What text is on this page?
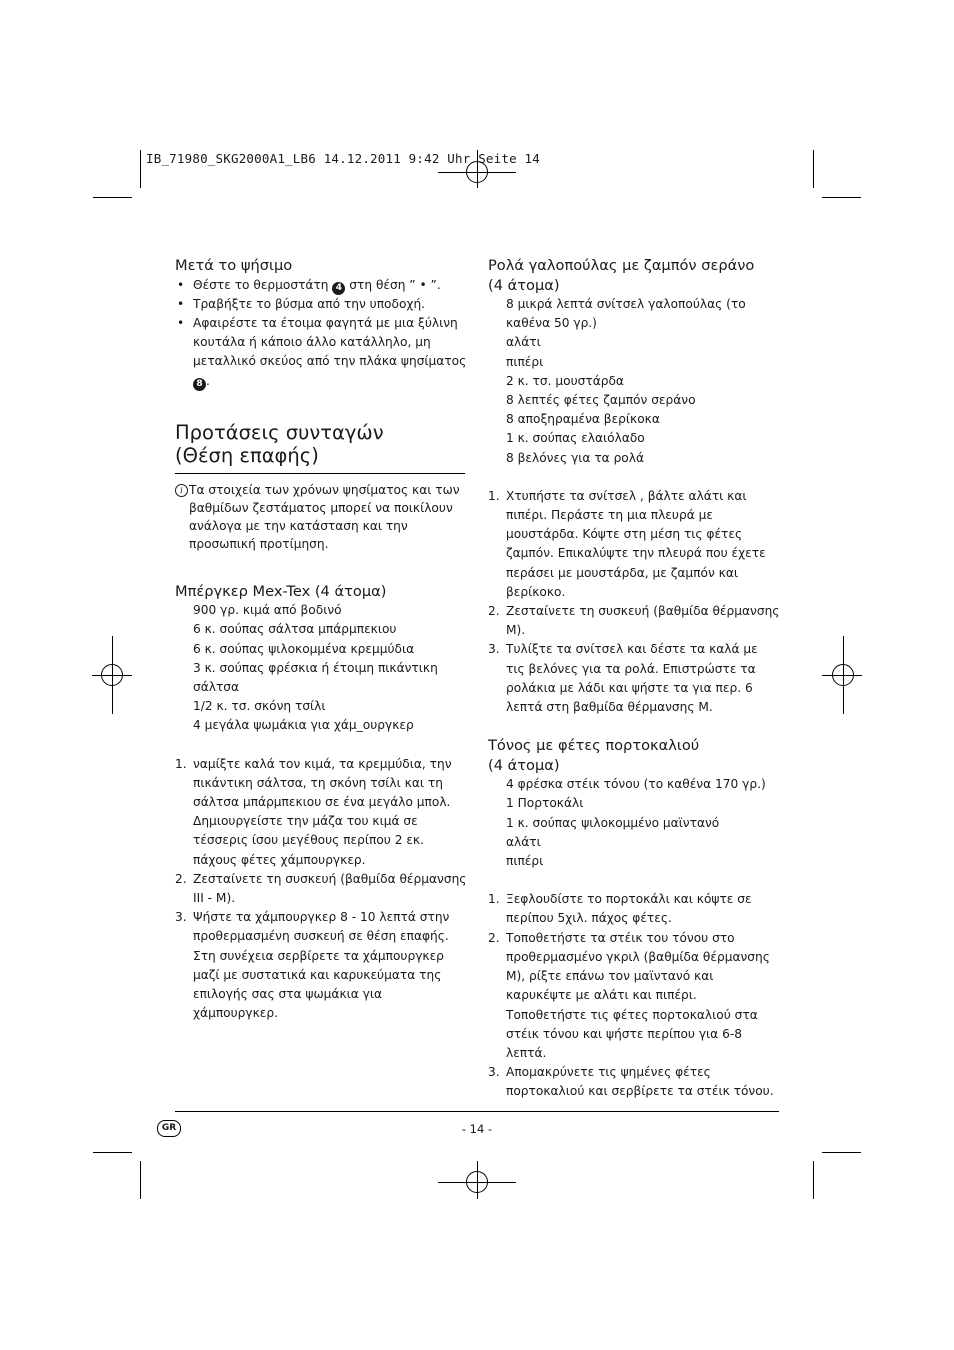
IB_71980_SKG2000A1_LB6 14.12.2011 9:42 Uhr Seite 14
Μετά το ψήσιμο
• Θέστε το θερμοστάτη 4 στη θέση ” • ”.
• Τραβήξτε το βύσμα από την υποδοχή.
• Αφαιρέστε τα έτοιμα φαγητά με μια ξύλινη κουτάλα ή κάποιο άλλο κατάλληλο, μη μεταλλικό σκεύος από την πλάκα ψησίματος 8 .
Προτάσεις συνταγών
(Θέση επαφής)
i Τα στοιχεία των χρόνων ψησίματος και των βαθμίδων ζεστάματος μπορεί να ποικίλουν ανάλογα με την κατάσταση και την προσωπική προτίμηση.
Μπέργκερ Mex-Tex (4 άτομα)
900 γρ. κιμά από βοδινό
6 κ. σούπας σάλτσα μπάρμπεκιου
6 κ. σούπας ψιλοκομμένα κρεμμύδια
3 κ. σούπας φρέσκια ή έτοιμη πικάντικη σάλτσα
1/2 κ. τσ. σκόνη τσίλι
4 μεγάλα ψωμάκια για χάμ_ουργκερ
1. ναμίξτε καλά τον κιμά, τα κρεμμύδια, την πικάντικη σάλτσα, τη σκόνη τσίλι και τη σάλτσα μπάρμπεκιου σε ένα μεγάλο μπολ. Δημιουργείστε την μάζα του κιμά σε τέσσερις ίσου μεγέθους περίπου 2 εκ. πάχους φέτες χάμπουργκερ.
2. Ζεσταίνετε τη συσκευή (βαθμίδα θέρμανσης III - M).
3. Ψήστε τα χάμπουργκερ 8 - 10 λεπτά στην προθερμασμένη συσκευή σε θέση επαφής. Στη συνέχεια σερβίρετε τα χάμπουργκερ μαζί με συστατικά και καρυκεύματα της επιλογής σας στα ψωμάκια για χάμπουργκερ.
Ρολά γαλοπούλας με ζαμπόν σεράνο
(4 άτομα)
8 μικρά λεπτά σνίτσελ γαλοπούλας (το καθένα 50 γρ.)
αλάτι
πιπέρι
2 κ. τσ. μουστάρδα
8 λεπτές φέτες ζαμπόν σεράνο
8 αποξηραμένα βερίκοκα
1 κ. σούπας ελαιόλαδο
8 βελόνες για τα ρολά
1. Χτυπήστε τα σνίτσελ , βάλτε αλάτι και πιπέρι. Περάστε τη μια πλευρά με μουστάρδα. Κόψτε στη μέση τις φέτες ζαμπόν. Επικαλύψτε την πλευρά που έχετε περάσει με μουστάρδα, με ζαμπόν και βερίκοκο.
2. Ζεσταίνετε τη συσκευή (βαθμίδα θέρμανσης M).
3. Τυλίξτε τα σνίτσελ και δέστε τα καλά με τις βελόνες για τα ρολά. Επιστρώστε τα ρολάκια με λάδι και ψήστε τα για περ. 6 λεπτά στη βαθμίδα θέρμανσης M.
Τόνος με φέτες πορτοκαλιού
(4 άτομα)
4 φρέσκα στέικ τόνου (το καθένα 170 γρ.)
1 Πορτοκάλι
1 κ. σούπας ψιλοκομμένο μαϊντανό
αλάτι
πιπέρι
1. Ξεφλουδίστε το πορτοκάλι και κόψτε σε περίπου 5χιλ. πάχος φέτες.
2. Τοποθετήστε τα στέικ του τόνου στο προθερμασμένο γκριλ (βαθμίδα θέρμανσης M), ρίξτε επάνω τον μαϊντανό και καρυκέψτε με αλάτι και πιπέρι. Τοποθετήστε τις φέτες πορτοκαλιού στα στέικ τόνου και ψήστε περίπου για 6-8 λεπτά.
3. Απομακρύνετε τις ψημένες φέτες πορτοκαλιού και σερβίρετε τα στέικ τόνου.
GR	- 14 -
